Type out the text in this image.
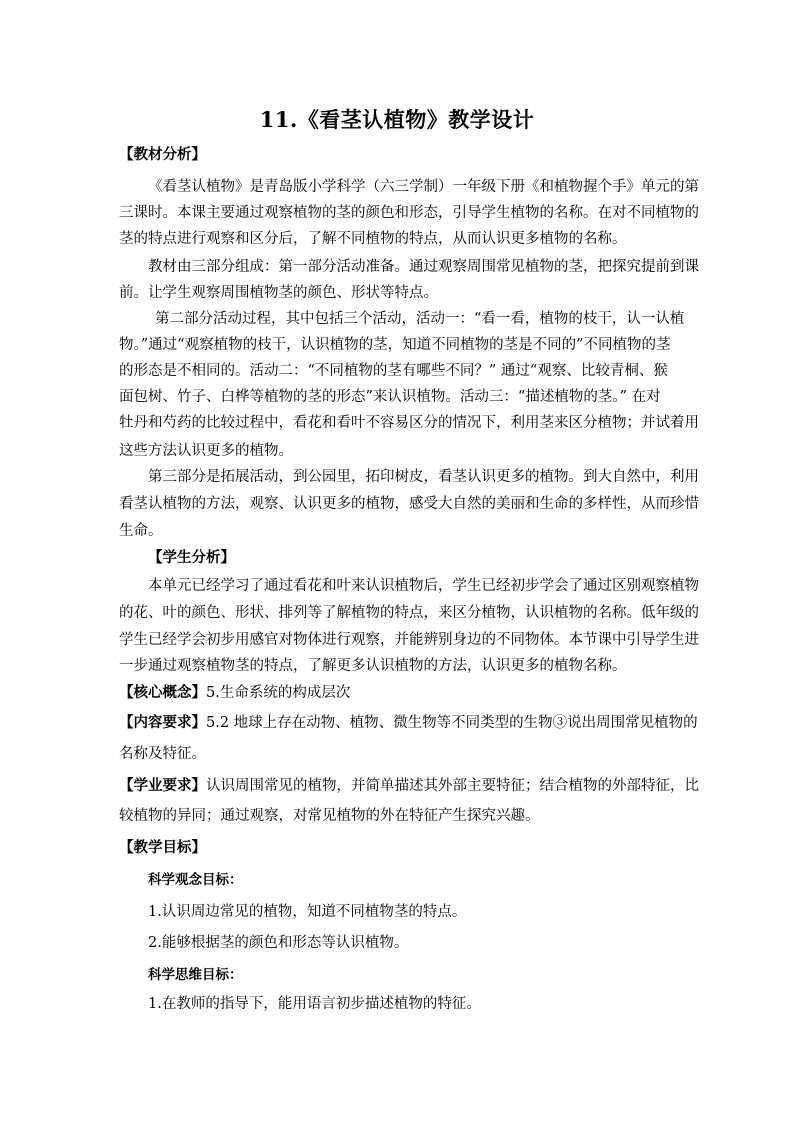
11.《看茎认植物》教学设计
【教材分析】
《看茎认植物》是青岛版小学科学（六三学制）一年级下册《和植物握个手》单元的第
三课时。本课主要通过观察植物的茎的颜色和形态，引导学生植物的名称。在对不同植物的
茎的特点进行观察和区分后，了解不同植物的特点，从而认识更多植物的名称。
教材由三部分组成：第一部分活动准备。通过观察周围常见植物的茎，把探究提前到课
前。让学生观察周围植物茎的颜色、形状等特点。
第二部分活动过程，其中包括三个活动，活动一：“看一看，植物的枝干，认一认植
物。”通过“观察植物的枝干，认识植物的茎，知道不同植物的茎是不同的”不同植物的茎
的形态是不相同的。活动二：“不同植物的茎有哪些不同？” 通过“观察、比较青桐、猴
面包树、竹子、白桦等植物的茎的形态”来认识植物。活动三：“描述植物的茎。” 在对
牡丹和芍药的比较过程中，看花和看叶不容易区分的情况下，利用茎来区分植物；并试着用
这些方法认识更多的植物。
第三部分是拓展活动，到公园里，拓印树皮，看茎认识更多的植物。到大自然中，利用
看茎认植物的方法，观察、认识更多的植物，感受大自然的美丽和生命的多样性，从而珍惜
生命。
【学生分析】
本单元已经学习了通过看花和叶来认识植物后，学生已经初步学会了通过区别观察植物
的花、叶的颜色、形状、排列等了解植物的特点，来区分植物，认识植物的名称。低年级的
学生已经学会初步用感官对物体进行观察，并能辨别身边的不同物体。本节课中引导学生进
一步通过观察植物茎的特点，了解更多认识植物的方法，认识更多的植物名称。
【核心概念】5.生命系统的构成层次
【内容要求】5.2 地球上存在动物、植物、微生物等不同类型的生物③说出周围常见植物的
名称及特征。
【学业要求】认识周围常见的植物，并简单描述其外部主要特征；结合植物的外部特征，比
较植物的异同；通过观察，对常见植物的外在特征产生探究兴趣。
【教学目标】
科学观念目标：
1.认识周边常见的植物，知道不同植物茎的特点。
2.能够根据茎的颜色和形态等认识植物。
科学思维目标：
1.在教师的指导下，能用语言初步描述植物的特征。
